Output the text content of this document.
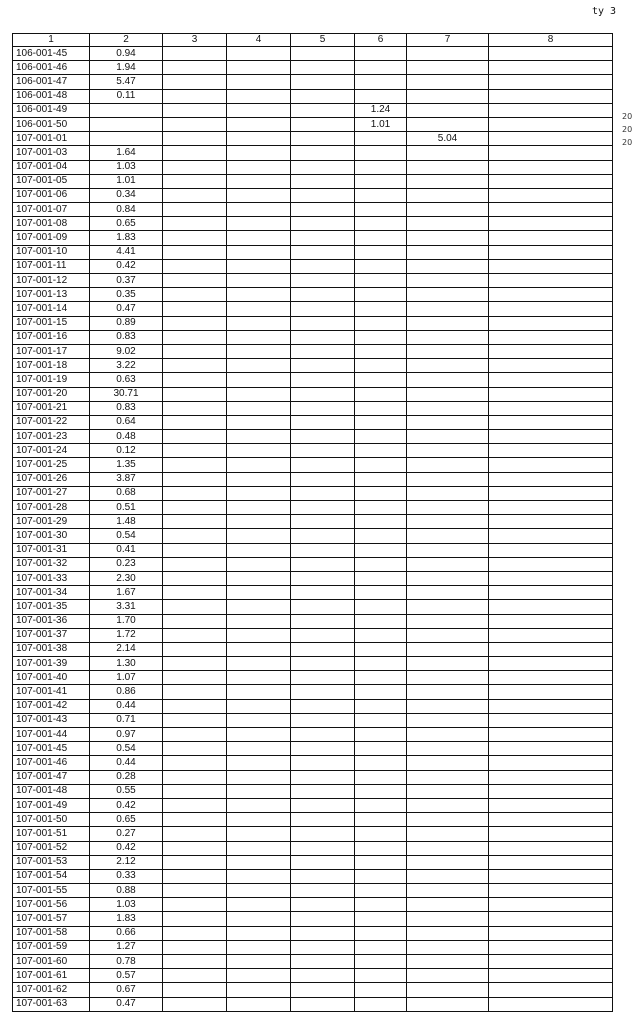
ty 3
20
20
20
1	2	3	4	5	6	7	8
106-001-45	0.94						
106-001-46	1.94						
106-001-47	5.47						
106-001-48	0.11						
106-001-49					1.24		
106-001-50					1.01		
107-001-01						5.04	
107-001-03	1.64						
107-001-04	1.03						
107-001-05	1.01						
107-001-06	0.34						
107-001-07	0.84						
107-001-08	0.65						
107-001-09	1.83						
107-001-10	4.41						
107-001-11	0.42						
107-001-12	0.37						
107-001-13	0.35						
107-001-14	0.47						
107-001-15	0.89						
107-001-16	0.83						
107-001-17	9.02						
107-001-18	3.22						
107-001-19	0.63						
107-001-20	30.71						
107-001-21	0.83						
107-001-22	0.64						
107-001-23	0.48						
107-001-24	0.12						
107-001-25	1.35						
107-001-26	3.87						
107-001-27	0.68						
107-001-28	0.51						
107-001-29	1.48						
107-001-30	0.54						
107-001-31	0.41						
107-001-32	0.23						
107-001-33	2.30						
107-001-34	1.67						
107-001-35	3.31						
107-001-36	1.70						
107-001-37	1.72						
107-001-38	2.14						
107-001-39	1.30						
107-001-40	1.07						
107-001-41	0.86						
107-001-42	0.44						
107-001-43	0.71						
107-001-44	0.97						
107-001-45	0.54						
107-001-46	0.44						
107-001-47	0.28						
107-001-48	0.55						
107-001-49	0.42						
107-001-50	0.65						
107-001-51	0.27						
107-001-52	0.42						
107-001-53	2.12						
107-001-54	0.33						
107-001-55	0.88						
107-001-56	1.03						
107-001-57	1.83						
107-001-58	0.66						
107-001-59	1.27						
107-001-60	0.78						
107-001-61	0.57						
107-001-62	0.67						
107-001-63	0.47						
